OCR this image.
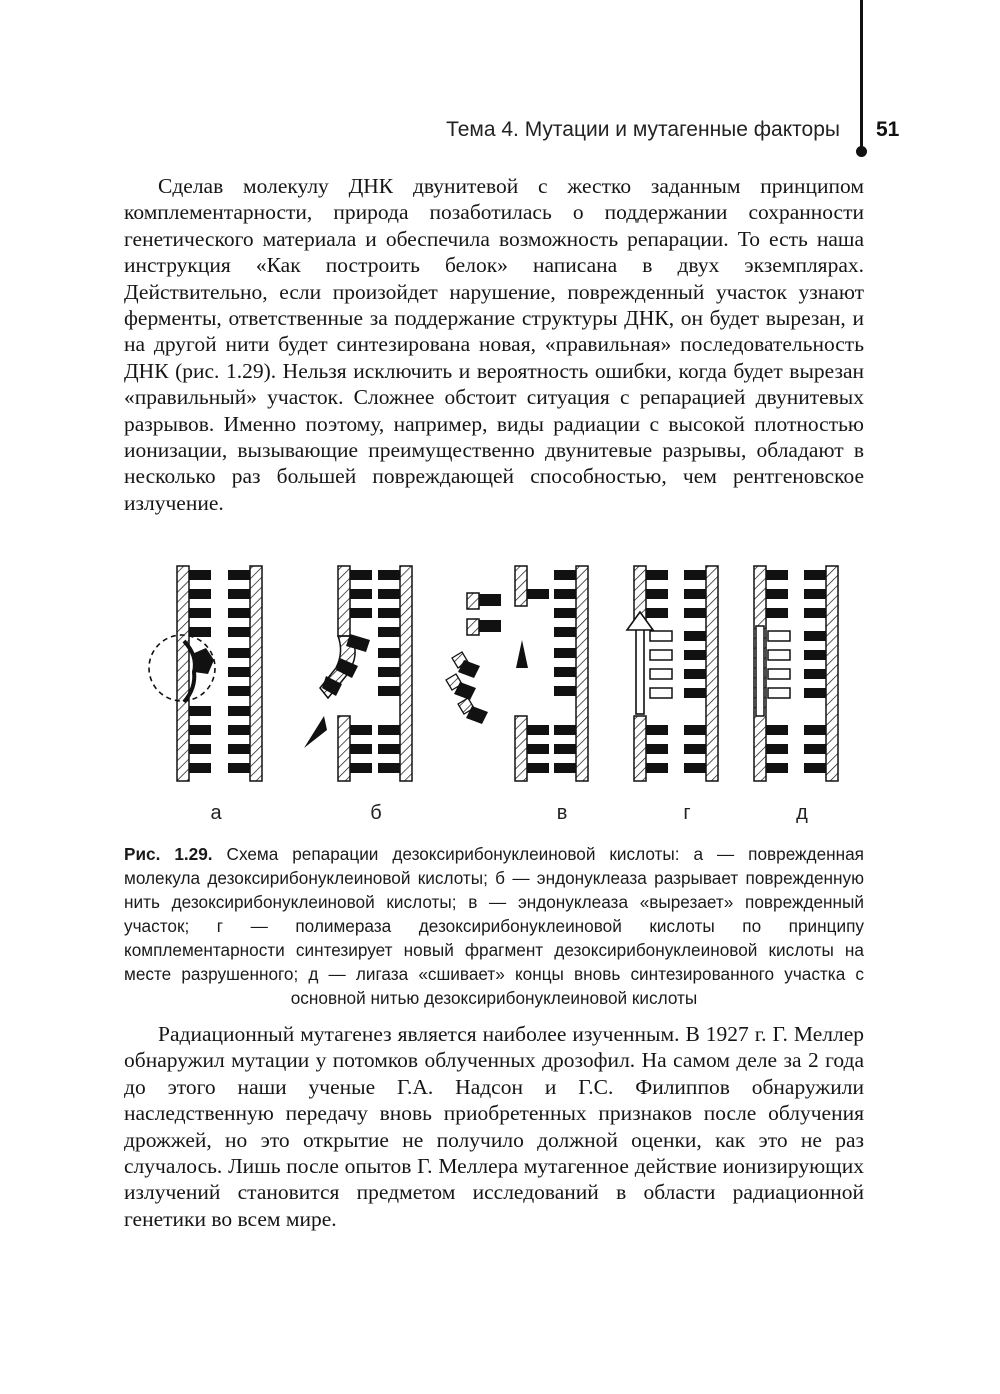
Тема 4. Мутации и мутагенные факторы 51

Сделав молекулу ДНК двунитевой с жестко заданным принципом комплементарности, природа позаботилась о поддержании сохранности генетического материала и обеспечила возможность репарации. То есть наша инструкция «Как построить белок» написана в двух экземплярах. Действительно, если произойдет нарушение, поврежденный участок узнают ферменты, ответственные за поддержание структуры ДНК, он будет вырезан, и на другой нити будет синтезирована новая, «правильная» последовательность ДНК (рис. 1.29). Нельзя исключить и вероятность ошибки, когда будет вырезан «правильный» участок. Сложнее обстоит ситуация с репарацией двунитевых разрывов. Именно поэтому, например, виды радиации с высокой плотностью ионизации, вызывающие преимущественно двунитевые разрывы, обладают в несколько раз большей повреждающей способностью, чем рентгеновское излучение.

а	б	в	г	д
Рис. 1.29. Схема репарации дезоксирибонуклеиновой кислоты: а — поврежденная молекула дезоксирибонуклеиновой кислоты; б — эндонуклеаза разрывает поврежденную нить дезоксирибонуклеиновой кислоты; в — эндонуклеаза «вырезает» поврежденный участок; г — полимераза дезоксирибонуклеиновой кислоты по принципу комплементарности синтезирует новый фрагмент дезоксирибонуклеиновой кислоты на месте разрушенного; д — лигаза «сшивает» концы вновь синтезированного участка с основной нитью дезоксирибонуклеиновой кислоты

Радиационный мутагенез является наиболее изученным. В 1927 г. Г. Меллер обнаружил мутации у потомков облученных дрозофил. На самом деле за 2 года до этого наши ученые Г.А. Надсон и Г.С. Филиппов обнаружили наследственную передачу вновь приобретенных признаков после облучения дрожжей, но это открытие не получило должной оценки, как это не раз случалось. Лишь после опытов Г. Меллера мутагенное действие ионизирующих излучений становится предметом исследований в области радиационной генетики во всем мире.
